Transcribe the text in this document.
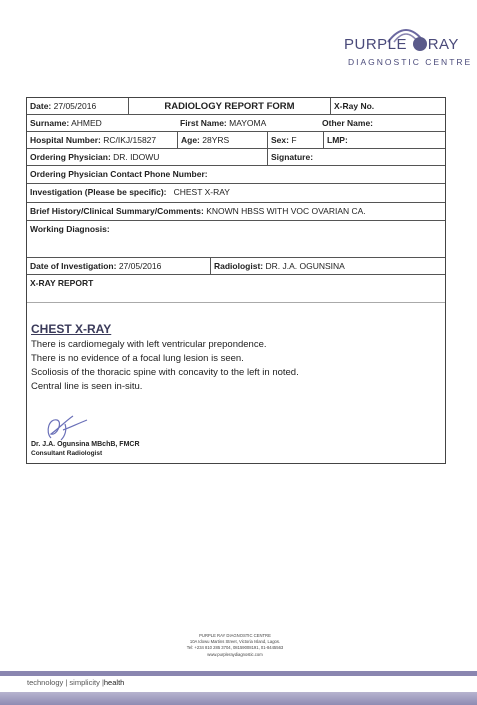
PURPLE RAY
DIAGNOSTIC CENTRE
Date: 27/05/2016	RADIOLOGY REPORT FORM	X-Ray No.
Surname: AHMED	First Name: MAYOMA	Other Name:
Hospital Number: RC/IKJ/15827	Age: 28YRS	Sex: F	LMP:
Ordering Physician: DR. IDOWU	Signature:
Ordering Physician Contact Phone Number:
Investigation (Please be specific): CHEST X-RAY
Brief History/Clinical Summary/Comments: KNOWN HBSS WITH VOC OVARIAN CA.
Working Diagnosis:
Date of Investigation: 27/05/2016	Radiologist: DR. J.A. OGUNSINA
X-RAY REPORT
CHEST X-RAY
There is cardiomegaly with left ventricular prepondence.
There is no evidence of a focal lung lesion is seen.
Scoliosis of the thoracic spine with concavity to the left in noted.
Central line is seen in-situ.
Dr. J.A. Ogunsina MBchB, FMCR
Consultant Radiologist
PURPLE RAY DIAGNOSTIC CENTRE
10A Idowu Martins Street, Victoria Island, Lagos.
Tel: +234 810 285 3704, 08159008191, 01-8445563
www.purpleraydiagnostic.com
technology | simplicity |health
